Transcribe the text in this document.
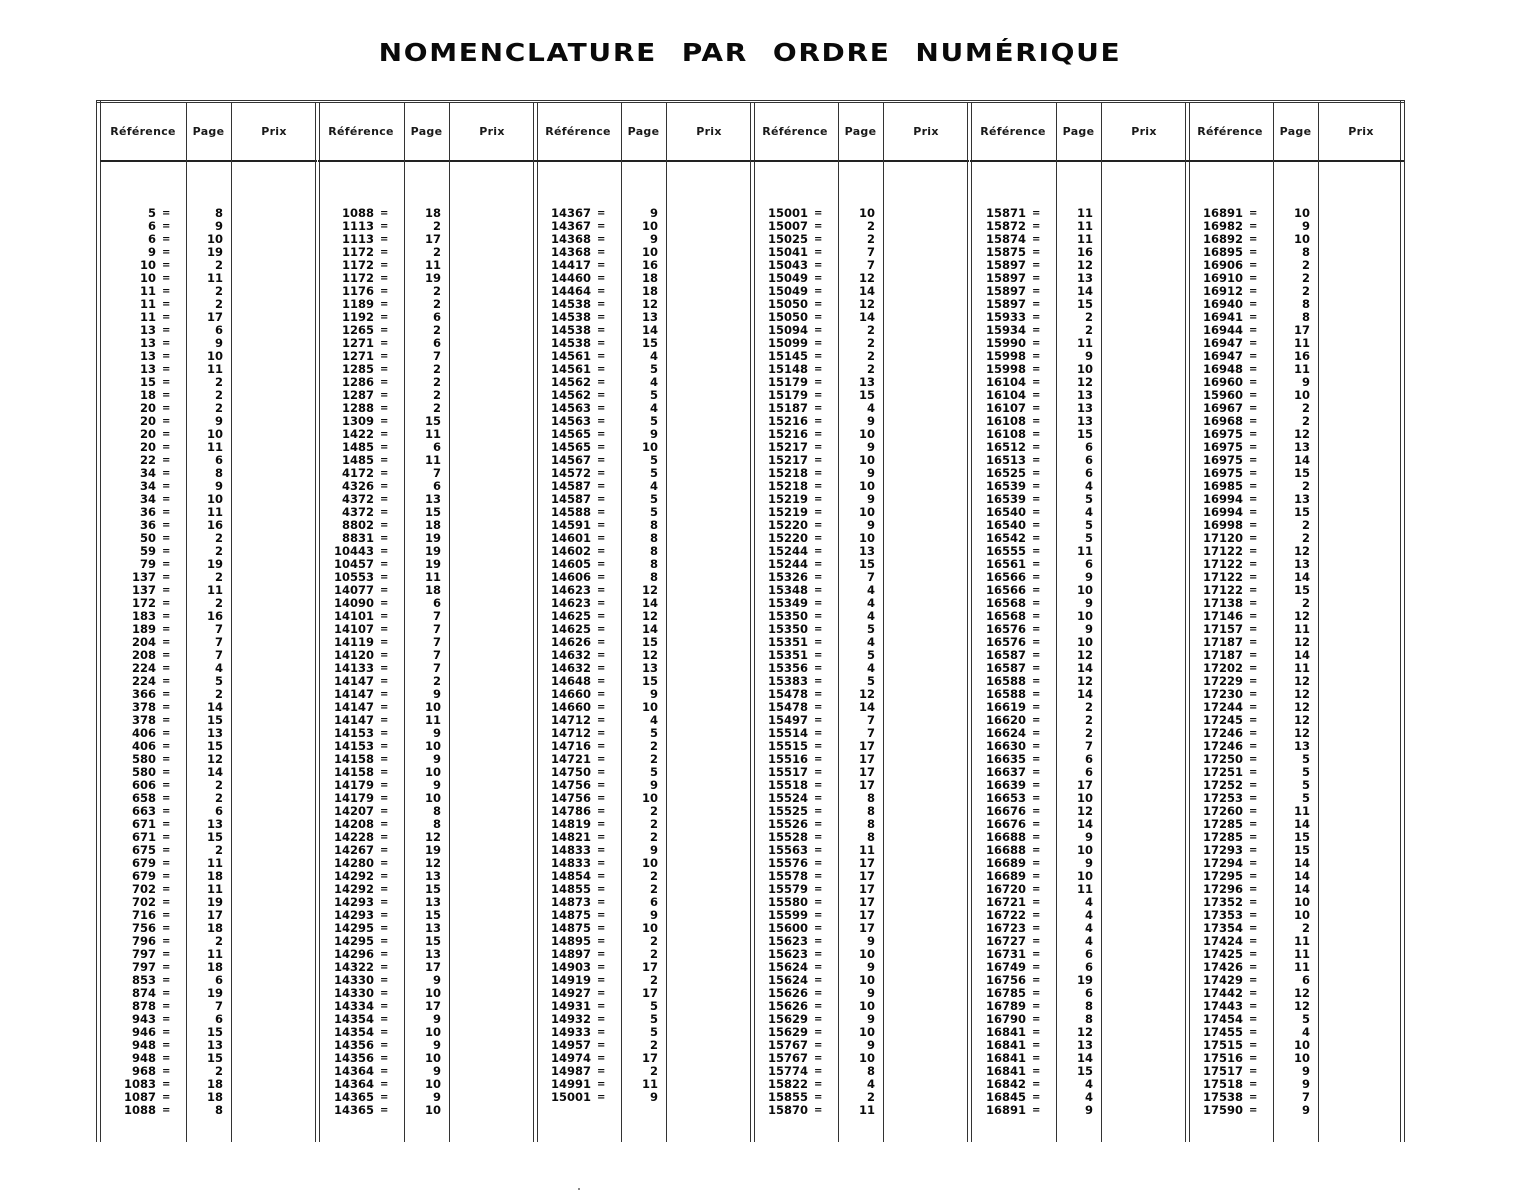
NOMENCLATURE PAR ORDRE NUMÉRIQUE
Référence	Page	Prix
5 =	8
6 =	9
6 =	10
9 =	19
10 =	2
10 =	11
11 =	2
11 =	2
11 =	17
13 =	6
13 =	9
13 =	10
13 =	11
15 =	2
18 =	2
20 =	2
20 =	9
20 =	10
20 =	11
22 =	6
34 =	8
34 =	9
34 =	10
36 =	11
36 =	16
50 =	2
59 =	2
79 =	19
137 =	2
137 =	11
172 =	2
183 =	16
189 =	7
204 =	7
208 =	7
224 =	4
224 =	5
366 =	2
378 =	14
378 =	15
406 =	13
406 =	15
580 =	12
580 =	14
606 =	2
658 =	2
663 =	6
671 =	13
671 =	15
675 =	2
679 =	11
679 =	18
702 =	11
702 =	19
716 =	17
756 =	18
796 =	2
797 =	11
797 =	18
853 =	6
874 =	19
878 =	7
943 =	6
946 =	15
948 =	13
948 =	15
968 =	2
1083 =	18
1087 =	18
1088 =	8
Référence	Page	Prix
1088 =	18
1113 =	2
1113 =	17
1172 =	2
1172 =	11
1172 =	19
1176 =	2
1189 =	2
1192 =	6
1265 =	2
1271 =	6
1271 =	7
1285 =	2
1286 =	2
1287 =	2
1288 =	2
1309 =	15
1422 =	11
1485 =	6
1485 =	11
4172 =	7
4326 =	6
4372 =	13
4372 =	15
8802 =	18
8831 =	19
10443 =	19
10457 =	19
10553 =	11
14077 =	18
14090 =	6
14101 =	7
14107 =	7
14119 =	7
14120 =	7
14133 =	7
14147 =	2
14147 =	9
14147 =	10
14147 =	11
14153 =	9
14153 =	10
14158 =	9
14158 =	10
14179 =	9
14179 =	10
14207 =	8
14208 =	8
14228 =	12
14267 =	19
14280 =	12
14292 =	13
14292 =	15
14293 =	13
14293 =	15
14295 =	13
14295 =	15
14296 =	13
14322 =	17
14330 =	9
14330 =	10
14334 =	17
14354 =	9
14354 =	10
14356 =	9
14356 =	10
14364 =	9
14364 =	10
14365 =	9
14365 =	10
Référence	Page	Prix
14367 =	9
14367 =	10
14368 =	9
14368 =	10
14417 =	16
14460 =	18
14464 =	18
14538 =	12
14538 =	13
14538 =	14
14538 =	15
14561 =	4
14561 =	5
14562 =	4
14562 =	5
14563 =	4
14563 =	5
14565 =	9
14565 =	10
14567 =	5
14572 =	5
14587 =	4
14587 =	5
14588 =	5
14591 =	8
14601 =	8
14602 =	8
14605 =	8
14606 =	8
14623 =	12
14623 =	14
14625 =	12
14625 =	14
14626 =	15
14632 =	12
14632 =	13
14648 =	15
14660 =	9
14660 =	10
14712 =	4
14712 =	5
14716 =	2
14721 =	2
14750 =	5
14756 =	9
14756 =	10
14786 =	2
14819 =	2
14821 =	2
14833 =	9
14833 =	10
14854 =	2
14855 =	2
14873 =	6
14875 =	9
14875 =	10
14895 =	2
14897 =	2
14903 =	17
14919 =	2
14927 =	17
14931 =	5
14932 =	5
14933 =	5
14957 =	2
14974 =	17
14987 =	2
14991 =	11
15001 =	9
Référence	Page	Prix
15001 =	10
15007 =	2
15025 =	2
15041 =	7
15043 =	7
15049 =	12
15049 =	14
15050 =	12
15050 =	14
15094 =	2
15099 =	2
15145 =	2
15148 =	2
15179 =	13
15179 =	15
15187 =	4
15216 =	9
15216 =	10
15217 =	9
15217 =	10
15218 =	9
15218 =	10
15219 =	9
15219 =	10
15220 =	9
15220 =	10
15244 =	13
15244 =	15
15326 =	7
15348 =	4
15349 =	4
15350 =	4
15350 =	5
15351 =	4
15351 =	5
15356 =	4
15383 =	5
15478 =	12
15478 =	14
15497 =	7
15514 =	7
15515 =	17
15516 =	17
15517 =	17
15518 =	17
15524 =	8
15525 =	8
15526 =	8
15528 =	8
15563 =	11
15576 =	17
15578 =	17
15579 =	17
15580 =	17
15599 =	17
15600 =	17
15623 =	9
15623 =	10
15624 =	9
15624 =	10
15626 =	9
15626 =	10
15629 =	9
15629 =	10
15767 =	9
15767 =	10
15774 =	8
15822 =	4
15855 =	2
15870 =	11
Référence	Page	Prix
15871 =	11
15872 =	11
15874 =	11
15875 =	16
15897 =	12
15897 =	13
15897 =	14
15897 =	15
15933 =	2
15934 =	2
15990 =	11
15998 =	9
15998 =	10
16104 =	12
16104 =	13
16107 =	13
16108 =	13
16108 =	15
16512 =	6
16513 =	6
16525 =	6
16539 =	4
16539 =	5
16540 =	4
16540 =	5
16542 =	5
16555 =	11
16561 =	6
16566 =	9
16566 =	10
16568 =	9
16568 =	10
16576 =	9
16576 =	10
16587 =	12
16587 =	14
16588 =	12
16588 =	14
16619 =	2
16620 =	2
16624 =	2
16630 =	7
16635 =	6
16637 =	6
16639 =	17
16653 =	10
16676 =	12
16676 =	14
16688 =	9
16688 =	10
16689 =	9
16689 =	10
16720 =	11
16721 =	4
16722 =	4
16723 =	4
16727 =	4
16731 =	6
16749 =	6
16756 =	19
16785 =	6
16789 =	8
16790 =	8
16841 =	12
16841 =	13
16841 =	14
16841 =	15
16842 =	4
16845 =	4
16891 =	9
Référence	Page	Prix
16891 =	10
16982 =	9
16892 =	10
16895 =	8
16906 =	2
16910 =	2
16912 =	2
16940 =	8
16941 =	8
16944 =	17
16947 =	11
16947 =	16
16948 =	11
16960 =	9
15960 =	10
16967 =	2
16968 =	2
16975 =	12
16975 =	13
16975 =	14
16975 =	15
16985 =	2
16994 =	13
16994 =	15
16998 =	2
17120 =	2
17122 =	12
17122 =	13
17122 =	14
17122 =	15
17138 =	2
17146 =	12
17157 =	11
17187 =	12
17187 =	14
17202 =	11
17229 =	12
17230 =	12
17244 =	12
17245 =	12
17246 =	12
17246 =	13
17250 =	5
17251 =	5
17252 =	5
17253 =	5
17260 =	11
17285 =	14
17285 =	15
17293 =	15
17294 =	14
17295 =	14
17296 =	14
17352 =	10
17353 =	10
17354 =	2
17424 =	11
17425 =	11
17426 =	11
17429 =	6
17442 =	12
17443 =	12
17454 =	5
17455 =	4
17515 =	10
17516 =	10
17517 =	9
17518 =	9
17538 =	7
17590 =	9
